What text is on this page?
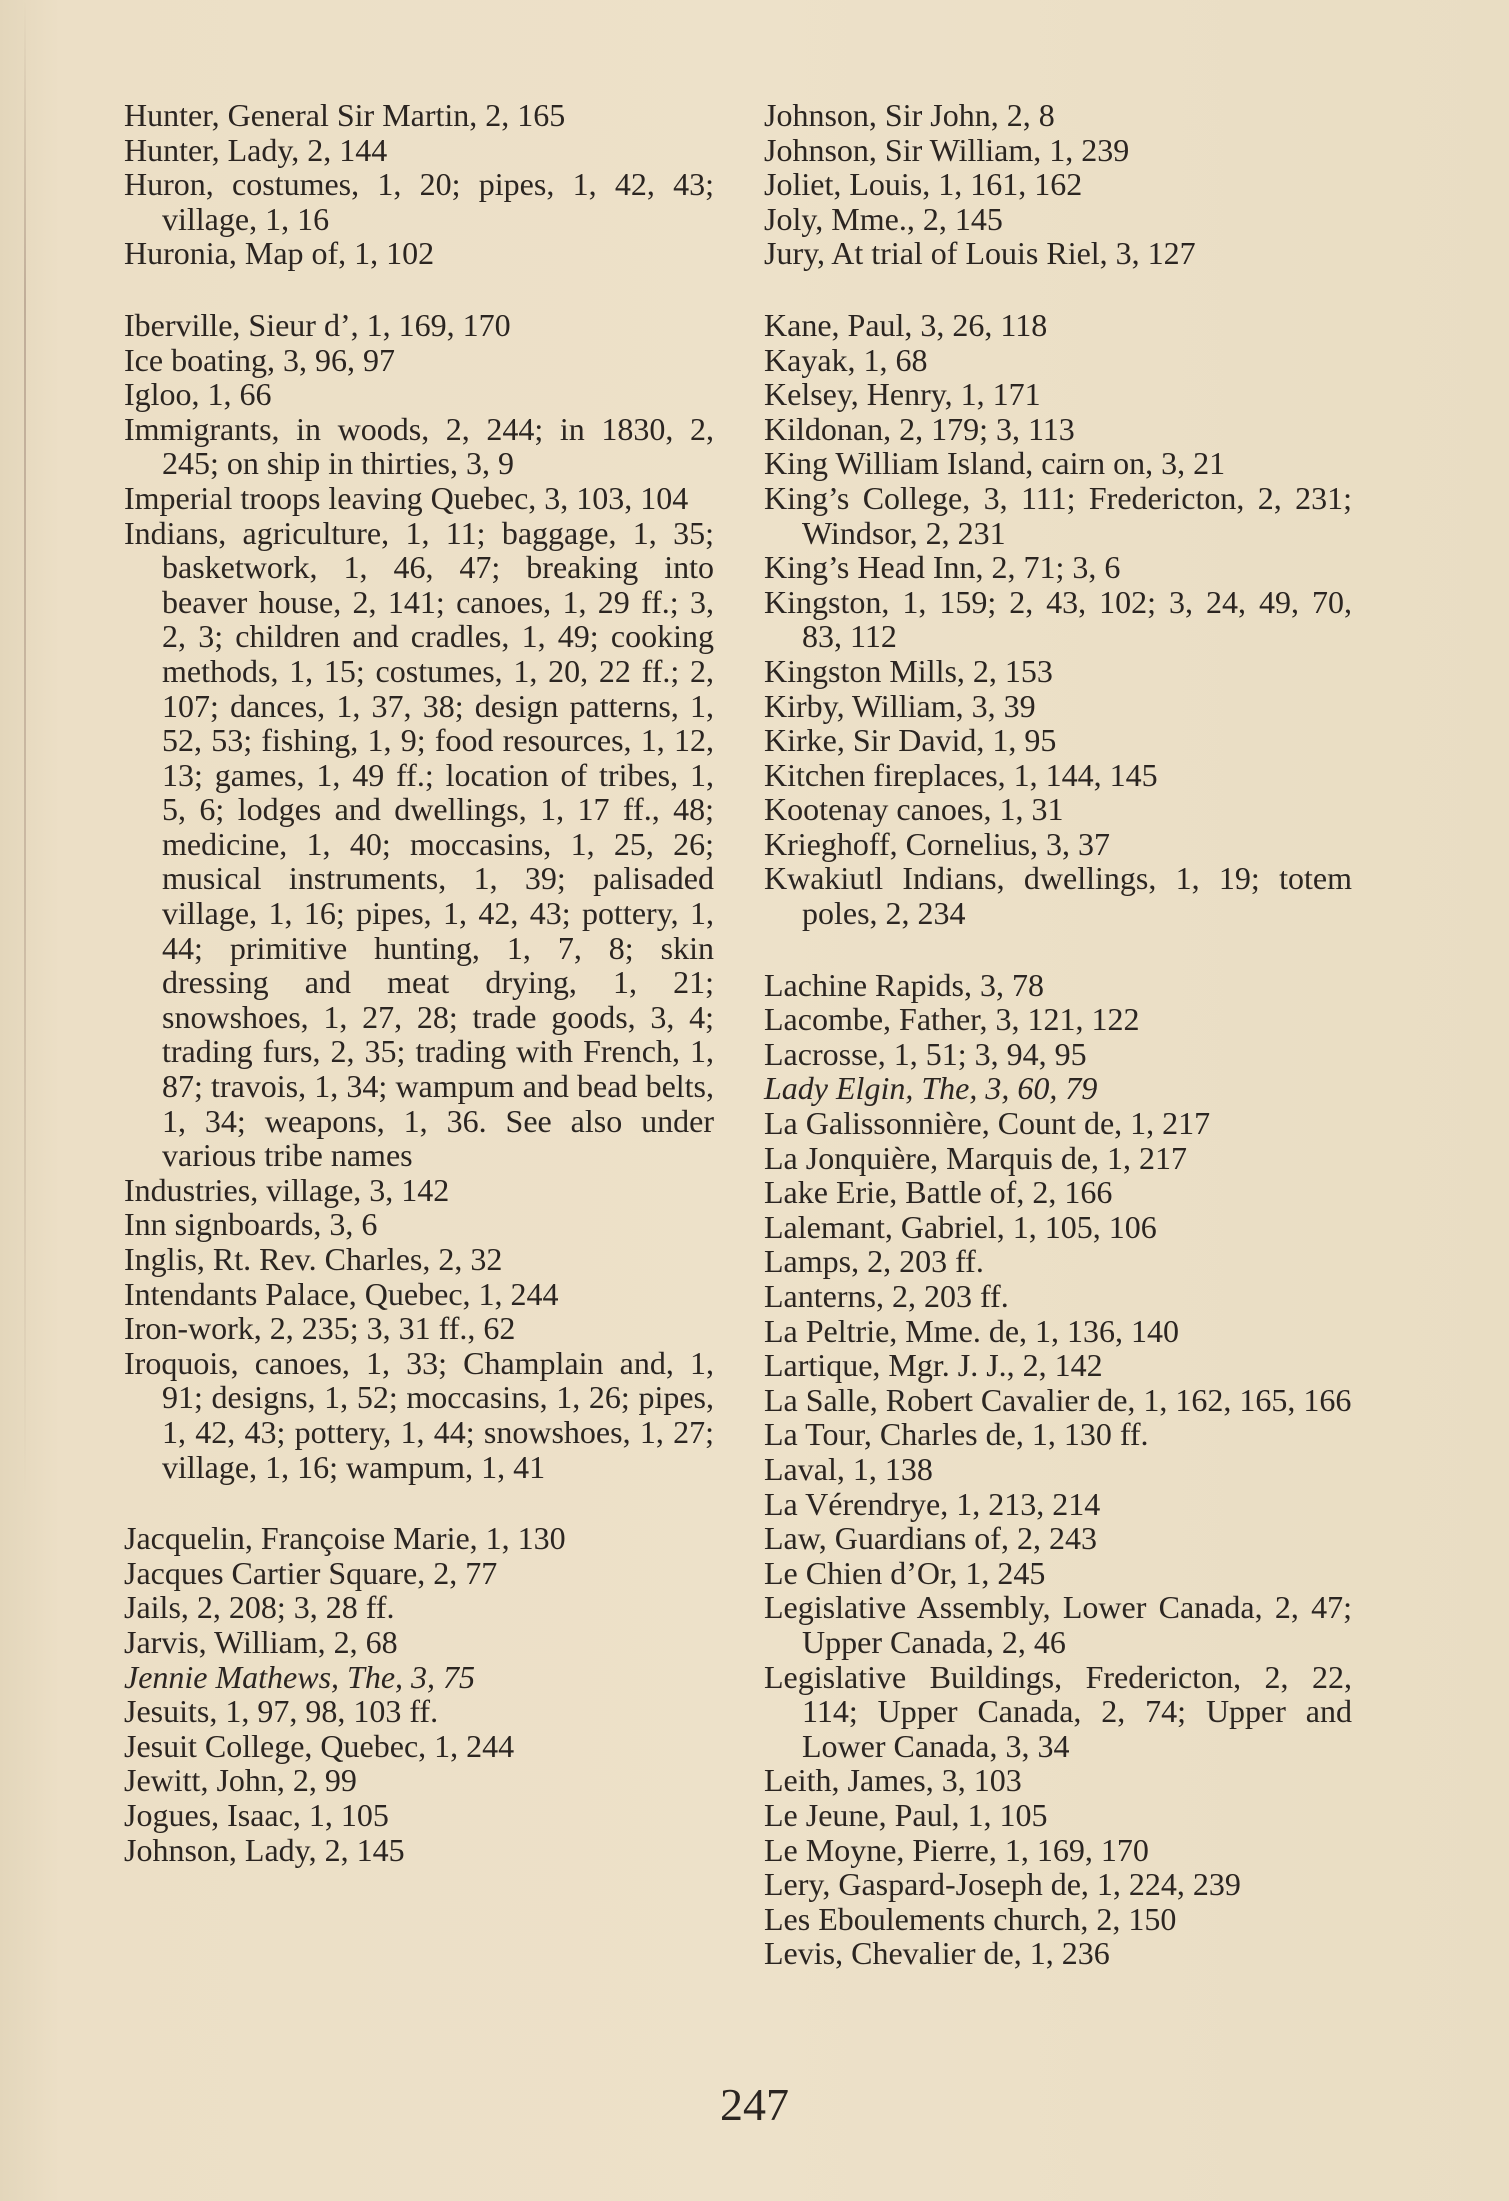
Hunter, General Sir Martin, 2, 165
Hunter, Lady, 2, 144
Huron, costumes, 1, 20; pipes, 1, 42, 43; village, 1, 16
Huronia, Map of, 1, 102
Iberville, Sieur d’, 1, 169, 170
Ice boating, 3, 96, 97
Igloo, 1, 66
Immigrants, in woods, 2, 244; in 1830, 2, 245; on ship in thirties, 3, 9
Imperial troops leaving Quebec, 3, 103, 104
Indians, agriculture, 1, 11; baggage, 1, 35; basketwork, 1, 46, 47; breaking into beaver house, 2, 141; canoes, 1, 29 ff.; 3, 2, 3; children and cradles, 1, 49; cooking methods, 1, 15; costumes, 1, 20, 22 ff.; 2, 107; dances, 1, 37, 38; design patterns, 1, 52, 53; fishing, 1, 9; food resources, 1, 12, 13; games, 1, 49 ff.; location of tribes, 1, 5, 6; lodges and dwellings, 1, 17 ff., 48; medicine, 1, 40; moccasins, 1, 25, 26; musical instruments, 1, 39; palisaded village, 1, 16; pipes, 1, 42, 43; pottery, 1, 44; primitive hunting, 1, 7, 8; skin dressing and meat drying, 1, 21; snowshoes, 1, 27, 28; trade goods, 3, 4; trading furs, 2, 35; trading with French, 1, 87; travois, 1, 34; wampum and bead belts, 1, 34; weapons, 1, 36. See also under various tribe names
Industries, village, 3, 142
Inn signboards, 3, 6
Inglis, Rt. Rev. Charles, 2, 32
Intendants Palace, Quebec, 1, 244
Iron-work, 2, 235; 3, 31 ff., 62
Iroquois, canoes, 1, 33; Champlain and, 1, 91; designs, 1, 52; moccasins, 1, 26; pipes, 1, 42, 43; pottery, 1, 44; snowshoes, 1, 27; village, 1, 16; wampum, 1, 41
Jacquelin, Françoise Marie, 1, 130
Jacques Cartier Square, 2, 77
Jails, 2, 208; 3, 28 ff.
Jarvis, William, 2, 68
Jennie Mathews, The, 3, 75
Jesuits, 1, 97, 98, 103 ff.
Jesuit College, Quebec, 1, 244
Jewitt, John, 2, 99
Jogues, Isaac, 1, 105
Johnson, Lady, 2, 145
Johnson, Sir John, 2, 8
Johnson, Sir William, 1, 239
Joliet, Louis, 1, 161, 162
Joly, Mme., 2, 145
Jury, At trial of Louis Riel, 3, 127
Kane, Paul, 3, 26, 118
Kayak, 1, 68
Kelsey, Henry, 1, 171
Kildonan, 2, 179; 3, 113
King William Island, cairn on, 3, 21
King’s College, 3, 111; Fredericton, 2, 231; Windsor, 2, 231
King’s Head Inn, 2, 71; 3, 6
Kingston, 1, 159; 2, 43, 102; 3, 24, 49, 70, 83, 112
Kingston Mills, 2, 153
Kirby, William, 3, 39
Kirke, Sir David, 1, 95
Kitchen fireplaces, 1, 144, 145
Kootenay canoes, 1, 31
Krieghoff, Cornelius, 3, 37
Kwakiutl Indians, dwellings, 1, 19; totem poles, 2, 234
Lachine Rapids, 3, 78
Lacombe, Father, 3, 121, 122
Lacrosse, 1, 51; 3, 94, 95
Lady Elgin, The, 3, 60, 79
La Galissonnière, Count de, 1, 217
La Jonquière, Marquis de, 1, 217
Lake Erie, Battle of, 2, 166
Lalemant, Gabriel, 1, 105, 106
Lamps, 2, 203 ff.
Lanterns, 2, 203 ff.
La Peltrie, Mme. de, 1, 136, 140
Lartique, Mgr. J. J., 2, 142
La Salle, Robert Cavalier de, 1, 162, 165, 166
La Tour, Charles de, 1, 130 ff.
Laval, 1, 138
La Vérendrye, 1, 213, 214
Law, Guardians of, 2, 243
Le Chien d’Or, 1, 245
Legislative Assembly, Lower Canada, 2, 47; Upper Canada, 2, 46
Legislative Buildings, Fredericton, 2, 22, 114; Upper Canada, 2, 74; Upper and Lower Canada, 3, 34
Leith, James, 3, 103
Le Jeune, Paul, 1, 105
Le Moyne, Pierre, 1, 169, 170
Lery, Gaspard-Joseph de, 1, 224, 239
Les Eboulements church, 2, 150
Levis, Chevalier de, 1, 236
247
